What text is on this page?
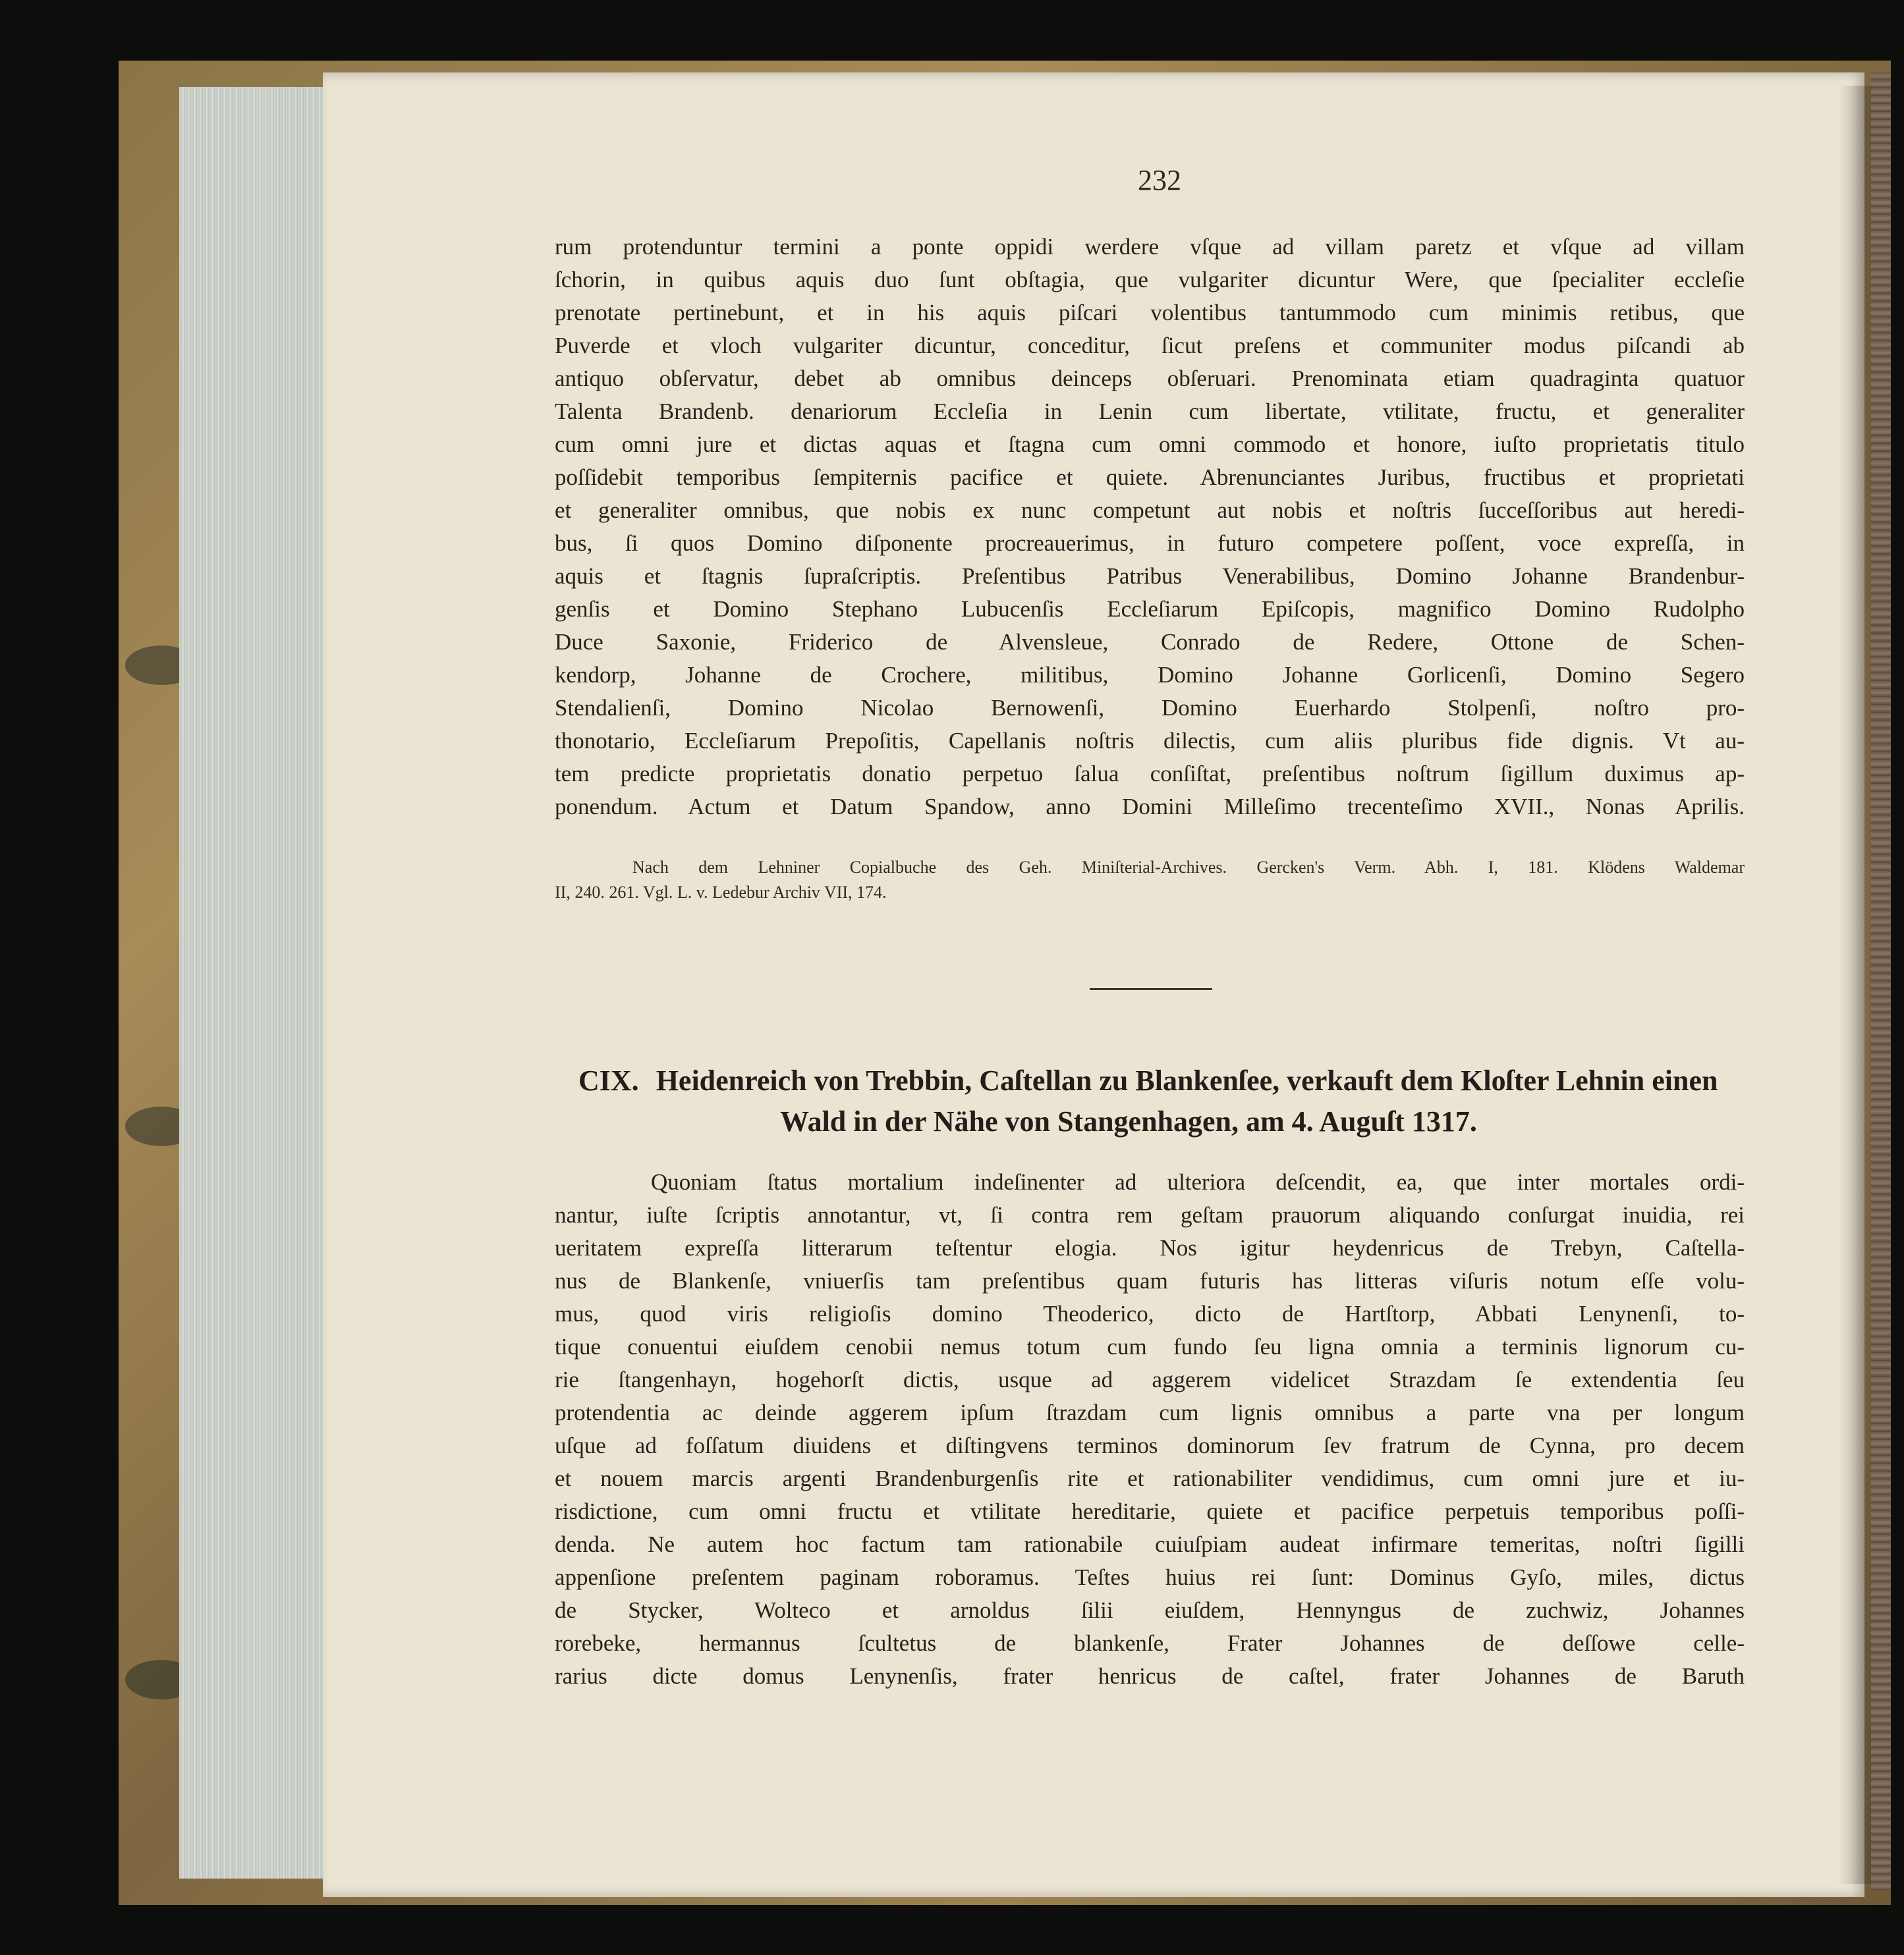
232
rum protenduntur termini a ponte oppidi werdere vſque ad villam paretz et vſque ad villam
ſchorin, in quibus aquis duo ſunt obſtagia, que vulgariter dicuntur Were, que ſpecialiter eccleſie
prenotate pertinebunt, et in his aquis piſcari volentibus tantummodo cum minimis retibus, que
Puverde et vloch vulgariter dicuntur, conceditur, ſicut preſens et communiter modus piſcandi ab
antiquo obſervatur, debet ab omnibus deinceps obſeruari. Prenominata etiam quadraginta quatuor
Talenta Brandenb. denariorum Eccleſia in Lenin cum libertate, vtilitate, fructu, et generaliter
cum omni jure et dictas aquas et ſtagna cum omni commodo et honore, iuſto proprietatis titulo
poſſidebit temporibus ſempiternis pacifice et quiete. Abrenunciantes Juribus, fructibus et proprietati
et generaliter omnibus, que nobis ex nunc competunt aut nobis et noſtris ſucceſſoribus aut heredi-
bus, ſi quos Domino diſponente procreauerimus, in futuro competere poſſent, voce expreſſa, in
aquis et ſtagnis ſupraſcriptis. Preſentibus Patribus Venerabilibus, Domino Johanne Brandenbur-
genſis et Domino Stephano Lubucenſis Eccleſiarum Epiſcopis, magnifico Domino Rudolpho
Duce Saxonie, Friderico de Alvensleue, Conrado de Redere, Ottone de Schen-
kendorp, Johanne de Crochere, militibus, Domino Johanne Gorlicenſi, Domino Segero
Stendalienſi, Domino Nicolao Bernowenſi, Domino Euerhardo Stolpenſi, noſtro pro-
thonotario, Eccleſiarum Prepoſitis, Capellanis noſtris dilectis, cum aliis pluribus fide dignis. Vt au-
tem predicte proprietatis donatio perpetuo ſalua conſiſtat, preſentibus noſtrum ſigillum duximus ap-
ponendum. Actum et Datum Spandow, anno Domini Milleſimo trecenteſimo XVII., Nonas Aprilis.
Nach dem Lehniner Copialbuche des Geh. Miniſterial-Archives. Gercken's Verm. Abh. I, 181. Klödens Waldemar
II, 240. 261. Vgl. L. v. Ledebur Archiv VII, 174.
CIX. Heidenreich von Trebbin, Caſtellan zu Blankenſee, verkauft dem Kloſter Lehnin einen
Wald in der Nähe von Stangenhagen, am 4. Auguſt 1317.
Quoniam ſtatus mortalium indeſinenter ad ulteriora deſcendit, ea, que inter mortales ordi-
nantur, iuſte ſcriptis annotantur, vt, ſi contra rem geſtam prauorum aliquando conſurgat inuidia, rei
ueritatem expreſſa litterarum teſtentur elogia. Nos igitur heydenricus de Trebyn, Caſtella-
nus de Blankenſe, vniuerſis tam preſentibus quam futuris has litteras viſuris notum eſſe volu-
mus, quod viris religioſis domino Theoderico, dicto de Hartſtorp, Abbati Lenynenſi, to-
tique conuentui eiuſdem cenobii nemus totum cum fundo ſeu ligna omnia a terminis lignorum cu-
rie ſtangenhayn, hogehorſt dictis, usque ad aggerem videlicet Strazdam ſe extendentia ſeu
protendentia ac deinde aggerem ipſum ſtrazdam cum lignis omnibus a parte vna per longum
uſque ad foſſatum diuidens et diſtingvens terminos dominorum ſev fratrum de Cynna, pro decem
et nouem marcis argenti Brandenburgenſis rite et rationabiliter vendidimus, cum omni jure et iu-
risdictione, cum omni fructu et vtilitate hereditarie, quiete et pacifice perpetuis temporibus poſſi-
denda. Ne autem hoc factum tam rationabile cuiuſpiam audeat infirmare temeritas, noſtri ſigilli
appenſione preſentem paginam roboramus. Teſtes huius rei ſunt: Dominus Gyſo, miles, dictus
de Stycker, Wolteco et arnoldus ſilii eiuſdem, Hennyngus de zuchwiz, Johannes
rorebeke, hermannus ſcultetus de blankenſe, Frater Johannes de deſſowe celle-
rarius dicte domus Lenynenſis, frater henricus de caſtel, frater Johannes de Baruth
